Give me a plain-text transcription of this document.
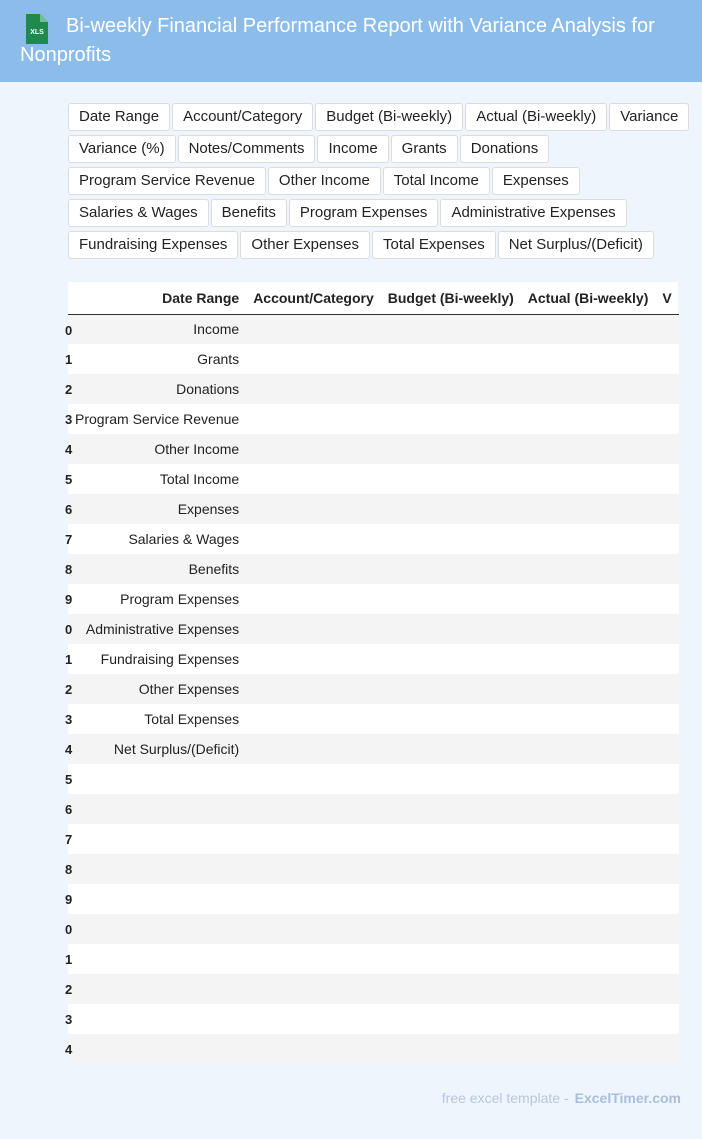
XLS	Bi-weekly Financial Performance Report with Variance Analysis for Nonprofits
Date Range	Account/Category	Budget (Bi-weekly)	Actual (Bi-weekly)	Variance
Variance (%)	Notes/Comments	Income	Grants	Donations
Program Service Revenue	Other Income	Total Income	Expenses
Salaries & Wages	Benefits	Program Expenses	Administrative Expenses
Fundraising Expenses	Other Expenses	Total Expenses	Net Surplus/(Deficit)
	Date Range	Account/Category	Budget (Bi-weekly)	Actual (Bi-weekly)	V

0	Income				

1	Grants				

2	Donations				

3	Program Service Revenue				

4	Other Income				

5	Total Income				

6	Expenses				

7	Salaries & Wages				

8	Benefits				

9	Program Expenses				

0	Administrative Expenses				

1	Fundraising Expenses				

2	Other Expenses				

3	Total Expenses				

4	Net Surplus/(Deficit)				

5				

6				

7				

8				

9				

0				

1				

2				

3				

4				

free excel template - ExcelTimer.com
